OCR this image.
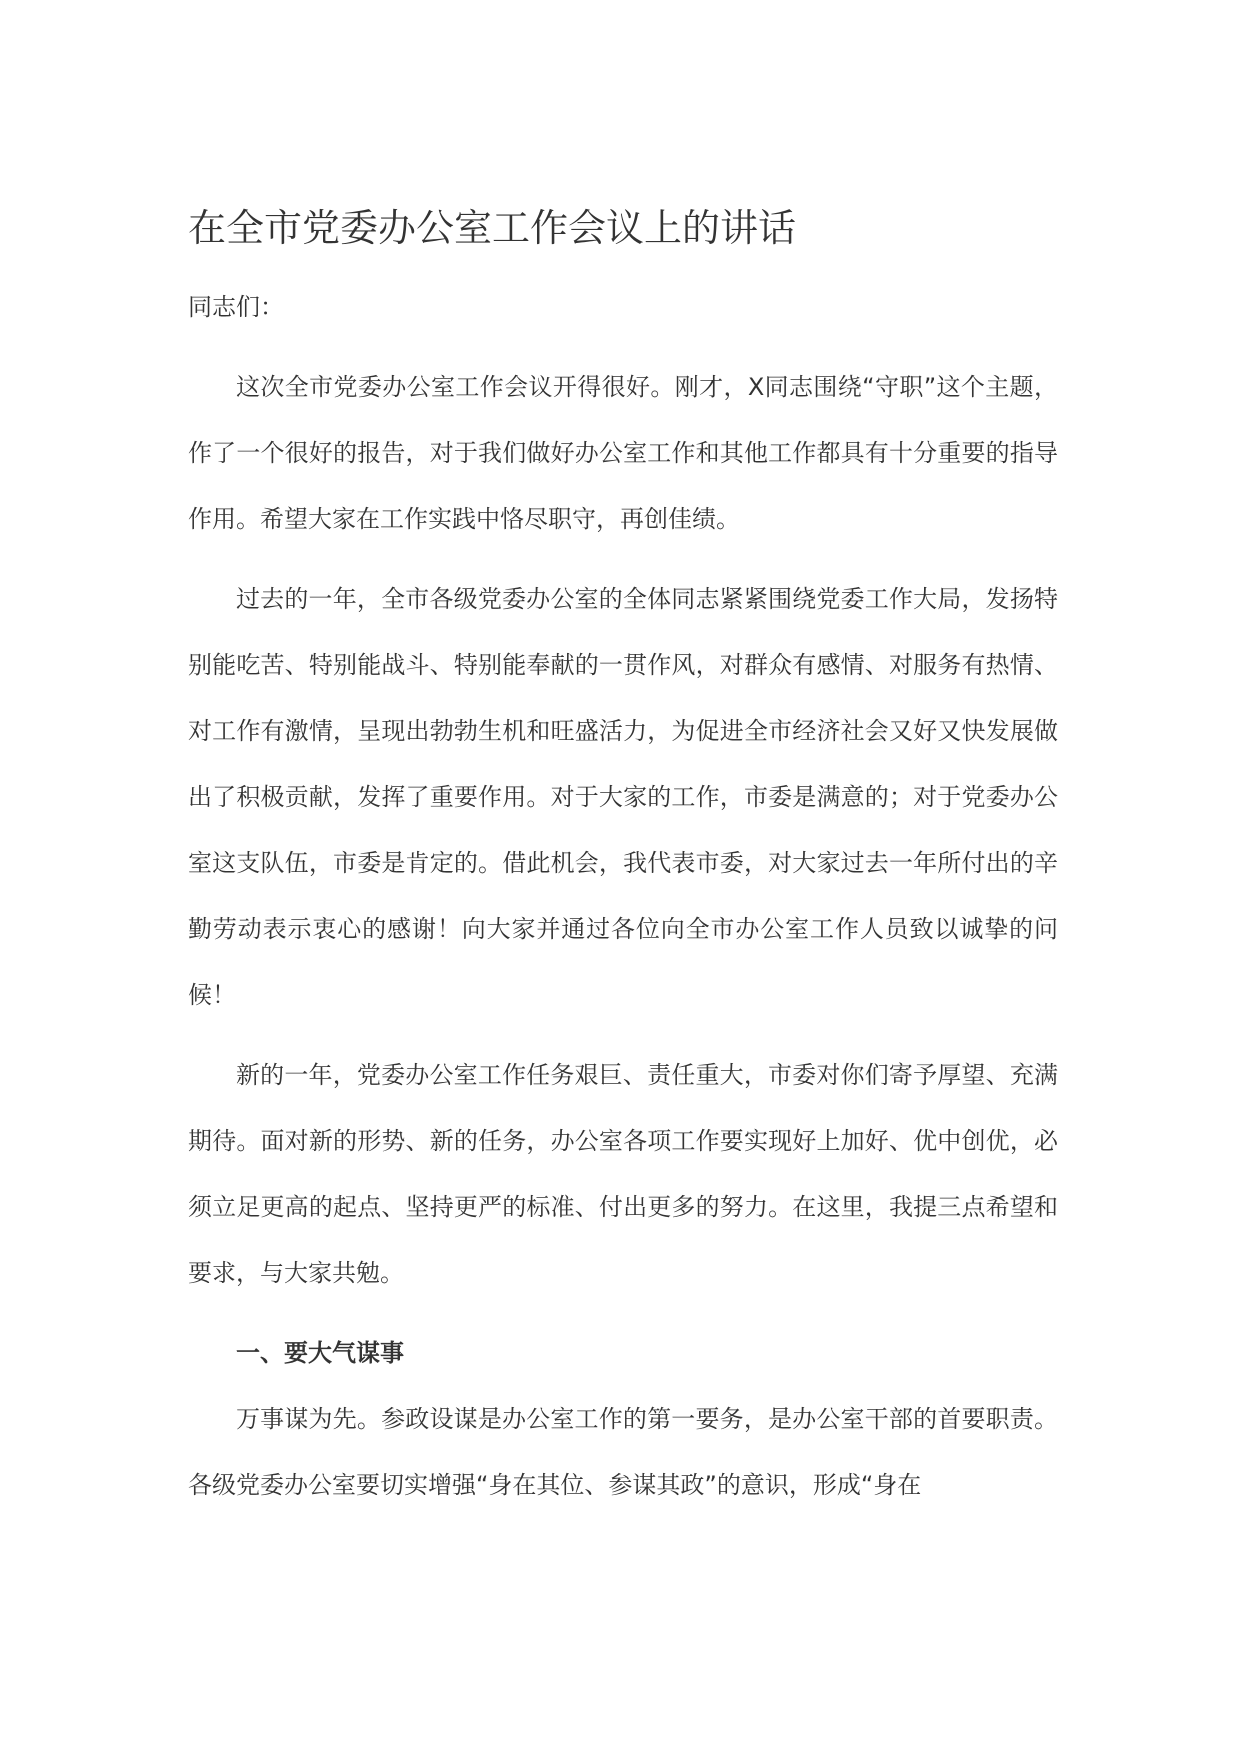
在全市党委办公室工作会议上的讲话

同志们：

这次全市党委办公室工作会议开得很好。刚才，X同志围绕“守职”这个主题，作了一个很好的报告，对于我们做好办公室工作和其他工作都具有十分重要的指导作用。希望大家在工作实践中恪尽职守，再创佳绩。

过去的一年，全市各级党委办公室的全体同志紧紧围绕党委工作大局，发扬特别能吃苦、特别能战斗、特别能奉献的一贯作风，对群众有感情、对服务有热情、对工作有激情，呈现出勃勃生机和旺盛活力，为促进全市经济社会又好又快发展做出了积极贡献，发挥了重要作用。对于大家的工作，市委是满意的；对于党委办公室这支队伍，市委是肯定的。借此机会，我代表市委，对大家过去一年所付出的辛勤劳动表示衷心的感谢！向大家并通过各位向全市办公室工作人员致以诚挚的问候！

新的一年，党委办公室工作任务艰巨、责任重大，市委对你们寄予厚望、充满期待。面对新的形势、新的任务，办公室各项工作要实现好上加好、优中创优，必须立足更高的起点、坚持更严的标准、付出更多的努力。在这里，我提三点希望和要求，与大家共勉。

一、要大气谋事

万事谋为先。参政设谋是办公室工作的第一要务，是办公室干部的首要职责。各级党委办公室要切实增强“身在其位、参谋其政”的意识，形成“身在
